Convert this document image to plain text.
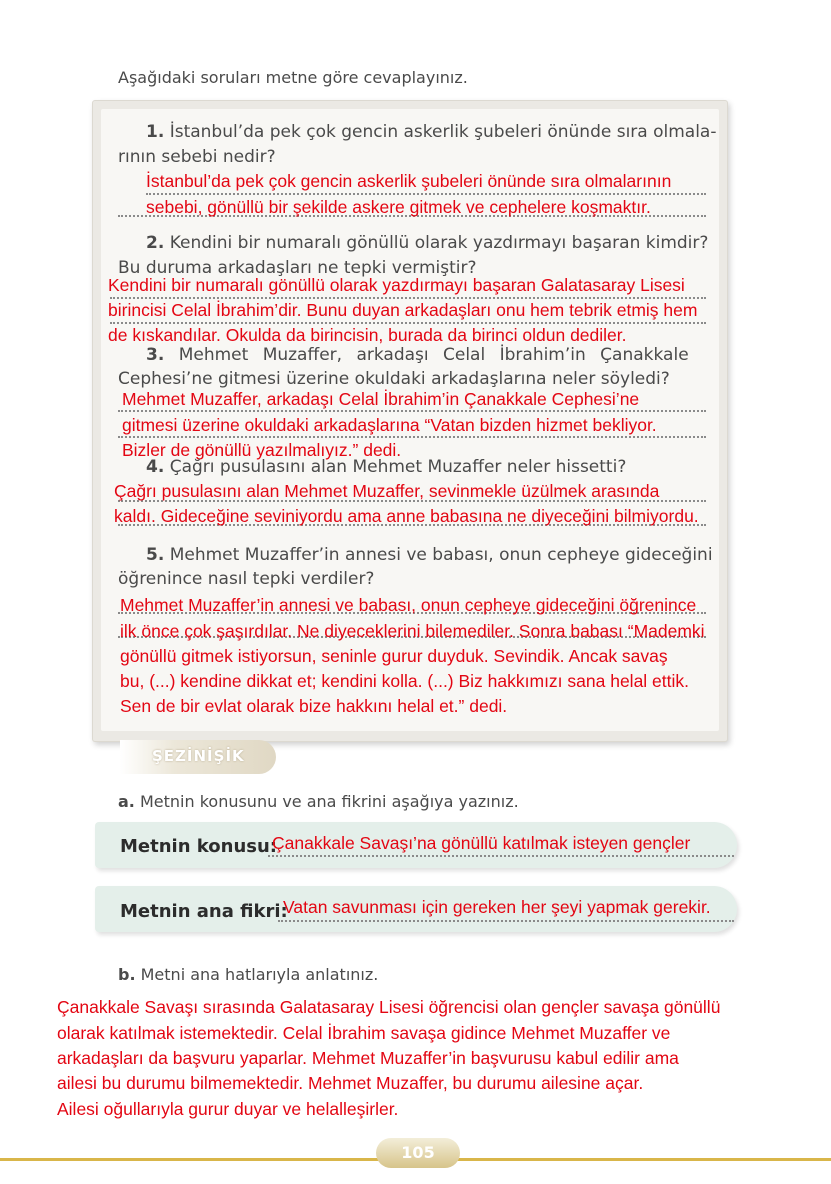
Aşağıdaki soruları metne göre cevaplayınız.
1. İstanbul’da pek çok gencin askerlik şubeleri önünde sıra olmala-
rının sebebi nedir?
İstanbul’da pek çok gencin askerlik şubeleri önünde sıra olmalarının
sebebi, gönüllü bir şekilde askere gitmek ve cephelere koşmaktır.
2. Kendini bir numaralı gönüllü olarak yazdırmayı başaran kimdir?
Bu duruma arkadaşları ne tepki vermiştir?
Kendini bir numaralı gönüllü olarak yazdırmayı başaran Galatasaray Lisesi
birincisi Celal İbrahim’dir. Bunu duyan arkadaşları onu hem tebrik etmiş hem
de kıskandılar. Okulda da birincisin, burada da birinci oldun dediler.
3. Mehmet Muzaffer, arkadaşı Celal İbrahim’in Çanakkale
Cephesi’ne gitmesi üzerine okuldaki arkadaşlarına neler söyledi?
Mehmet Muzaffer, arkadaşı Celal İbrahim’in Çanakkale Cephesi’ne
gitmesi üzerine okuldaki arkadaşlarına “Vatan bizden hizmet bekliyor.
Bizler de gönüllü yazılmalıyız.” dedi.
4. Çağrı pusulasını alan Mehmet Muzaffer neler hissetti?
Çağrı pusulasını alan Mehmet Muzaffer, sevinmekle üzülmek arasında
kaldı. Gideceğine seviniyordu ama anne babasına ne diyeceğini bilmiyordu.
5. Mehmet Muzaffer’in annesi ve babası, onun cepheye gideceğini
öğrenince nasıl tepki verdiler?
Mehmet Muzaffer’in annesi ve babası, onun cepheye gideceğini öğrenince
ilk önce çok şaşırdılar. Ne diyeceklerini bilemediler. Sonra babası “Mademki
gönüllü gitmek istiyorsun, seninle gurur duyduk. Sevindik. Ancak savaş
bu, (...) kendine dikkat et; kendini kolla. (...) Biz hakkımızı sana helal ettik.
Sen de bir evlat olarak bize hakkını helal et.” dedi.
ŞEZİNİŞİK
a. Metnin konusunu ve ana fikrini aşağıya yazınız.
Metnin konusu:
Çanakkale Savaşı’na gönüllü katılmak isteyen gençler
Metnin ana fikri:
Vatan savunması için gereken her şeyi yapmak gerekir.
b. Metni ana hatlarıyla anlatınız.
Çanakkale Savaşı sırasında Galatasaray Lisesi öğrencisi olan gençler savaşa gönüllü
olarak katılmak istemektedir. Celal İbrahim savaşa gidince Mehmet Muzaffer ve
arkadaşları da başvuru yaparlar. Mehmet Muzaffer’in başvurusu kabul edilir ama
ailesi bu durumu bilmemektedir. Mehmet Muzaffer, bu durumu ailesine açar.
Ailesi oğullarıyla gurur duyar ve helalleşirler.
105
